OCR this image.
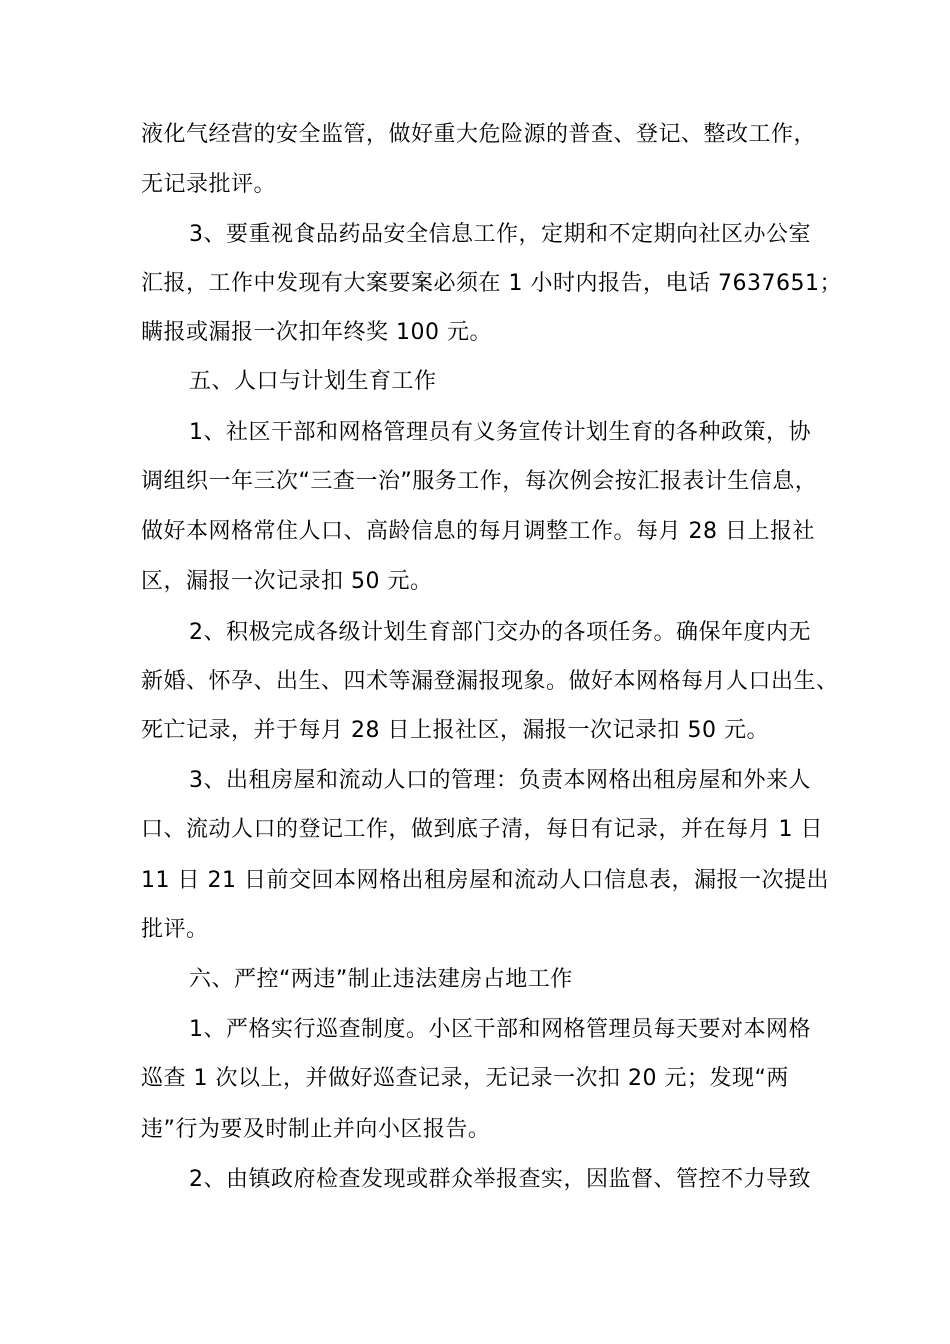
液化气经营的安全监管，做好重大危险源的普查、登记、整改工作，
无记录批评。
3、要重视食品药品安全信息工作，定期和不定期向社区办公室
汇报，工作中发现有大案要案必须在 1 小时内报告，电话 7637651；
瞒报或漏报一次扣年终奖 100 元。
五、人口与计划生育工作
1、社区干部和网格管理员有义务宣传计划生育的各种政策，协
调组织一年三次“三查一治”服务工作，每次例会按汇报表计生信息，
做好本网格常住人口、高龄信息的每月调整工作。每月 28 日上报社
区，漏报一次记录扣 50 元。
2、积极完成各级计划生育部门交办的各项任务。确保年度内无
新婚、怀孕、出生、四术等漏登漏报现象。做好本网格每月人口出生、
死亡记录，并于每月 28 日上报社区，漏报一次记录扣 50 元。
3、出租房屋和流动人口的管理：负责本网格出租房屋和外来人
口、流动人口的登记工作，做到底子清，每日有记录，并在每月 1 日
11 日 21 日前交回本网格出租房屋和流动人口信息表，漏报一次提出
批评。
六、严控“两违”制止违法建房占地工作
1、严格实行巡查制度。小区干部和网格管理员每天要对本网格
巡查 1 次以上，并做好巡查记录，无记录一次扣 20 元；发现“两
违”行为要及时制止并向小区报告。
2、由镇政府检查发现或群众举报查实，因监督、管控不力导致
